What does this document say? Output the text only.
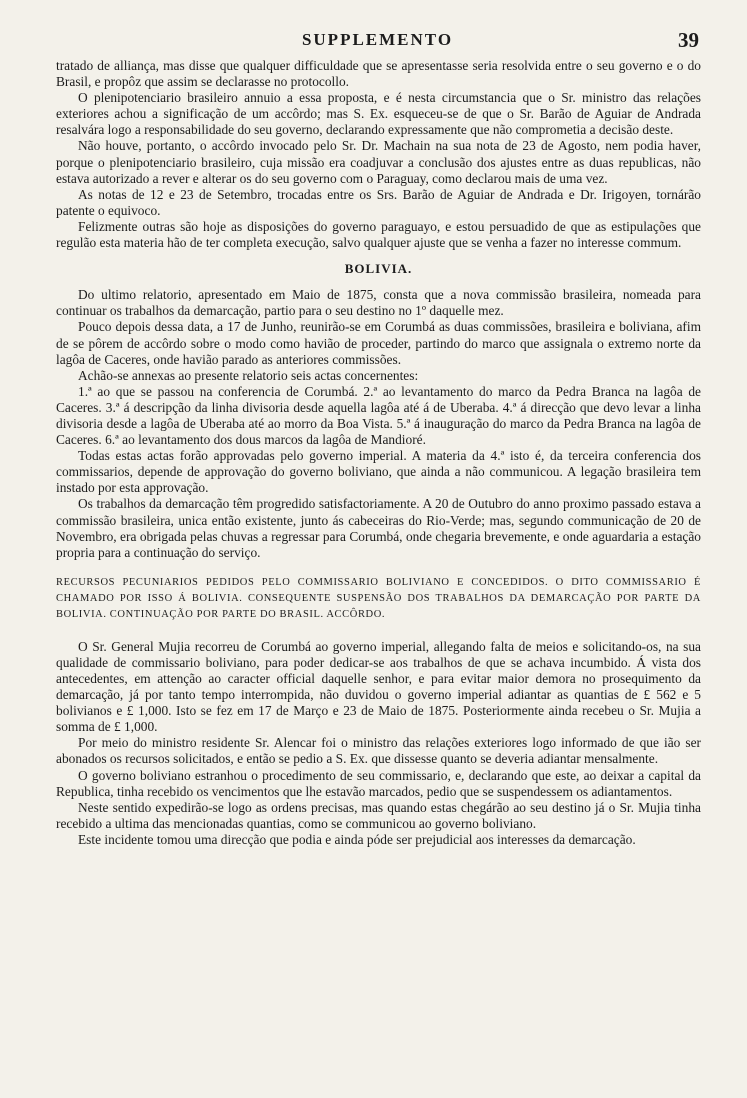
SUPPLEMENTO	39

tratado de alliança, mas disse que qualquer difficuldade que se apresentasse seria resolvida entre o seu governo e o do Brasil, e propôz que assim se declarasse no protocollo.

O plenipotenciario brasileiro annuio a essa proposta, e é nesta circumstancia que o Sr. ministro das relações exteriores achou a significação de um accôrdo; mas S. Ex. esqueceu-se de que o Sr. Barão de Aguiar de Andrada resalvára logo a responsabilidade do seu governo, declarando expressamente que não comprometia a decisão deste.

Não houve, portanto, o accôrdo invocado pelo Sr. Dr. Machain na sua nota de 23 de Agosto, nem podia haver, porque o plenipotenciario brasileiro, cuja missão era coadjuvar a conclusão dos ajustes entre as duas republicas, não estava autorizado a rever e alterar os do seu governo com o Paraguay, como declarou mais de uma vez.

As notas de 12 e 23 de Setembro, trocadas entre os Srs. Barão de Aguiar de Andrada e Dr. Irigoyen, tornárão patente o equivoco.

Felizmente outras são hoje as disposições do governo paraguayo, e estou persuadido de que as estipulações que regulão esta materia hão de ter completa execução, salvo qualquer ajuste que se venha a fazer no interesse commum.

BOLIVIA.

Do ultimo relatorio, apresentado em Maio de 1875, consta que a nova commissão brasileira, nomeada para continuar os trabalhos da demarcação, partio para o seu destino no 1º daquelle mez.

Pouco depois dessa data, a 17 de Junho, reunirão-se em Corumbá as duas commissões, brasileira e boliviana, afim de se pôrem de accôrdo sobre o modo como havião de proceder, partindo do marco que assignala o extremo norte da lagôa de Caceres, onde havião parado as anteriores commissões.

Achão-se annexas ao presente relatorio seis actas concernentes:

1.ª ao que se passou na conferencia de Corumbá. 2.ª ao levantamento do marco da Pedra Branca na lagôa de Caceres. 3.ª á descripção da linha divisoria desde aquella lagôa até á de Uberaba. 4.ª á direcção que devo levar a linha divisoria desde a lagôa de Uberaba até ao morro da Boa Vista. 5.ª á inauguração do marco da Pedra Branca na lagôa de Caceres. 6.ª ao levantamento dos dous marcos da lagôa de Mandioré.

Todas estas actas forão approvadas pelo governo imperial. A materia da 4.ª isto é, da terceira conferencia dos commissarios, depende de approvação do governo boliviano, que ainda a não communicou. A legação brasileira tem instado por esta approvação.

Os trabalhos da demarcação têm progredido satisfactoriamente. A 20 de Outubro do anno proximo passado estava a commissão brasileira, unica então existente, junto ás cabeceiras do Rio-Verde; mas, segundo communicação de 20 de Novembro, era obrigada pelas chuvas a regressar para Corumbá, onde chegaria brevemente, e onde aguardaria a estação propria para a continuação do serviço.

RECURSOS PECUNIARIOS PEDIDOS PELO COMMISSARIO BOLIVIANO E CONCEDIDOS. O DITO COMMISSARIO É CHAMADO POR ISSO Á BOLIVIA. CONSEQUENTE SUSPENSÃO DOS TRABALHOS DA DEMARCAÇÃO POR PARTE DA BOLIVIA. CONTINUAÇÃO POR PARTE DO BRASIL. ACCÔRDO.

O Sr. General Mujia recorreu de Corumbá ao governo imperial, allegando falta de meios e solicitando-os, na sua qualidade de commissario boliviano, para poder dedicar-se aos trabalhos de que se achava incumbido. Á vista dos antecedentes, em attenção ao caracter official daquelle senhor, e para evitar maior demora no prosequimento da demarcação, já por tanto tempo interrompida, não duvidou o governo imperial adiantar as quantias de £ 562 e 5 bolivianos e £ 1,000. Isto se fez em 17 de Março e 23 de Maio de 1875. Posteriormente ainda recebeu o Sr. Mujia a somma de £ 1,000.

Por meio do ministro residente Sr. Alencar foi o ministro das relações exteriores logo informado de que ião ser abonados os recursos solicitados, e então se pedio a S. Ex. que dissesse quanto se deveria adiantar mensalmente.

O governo boliviano estranhou o procedimento de seu commissario, e, declarando que este, ao deixar a capital da Republica, tinha recebido os vencimentos que lhe estavão marcados, pedio que se suspendessem os adiantamentos.

Neste sentido expedirão-se logo as ordens precisas, mas quando estas chegárão ao seu destino já o Sr. Mujia tinha recebido a ultima das mencionadas quantias, como se communicou ao governo boliviano.

Este incidente tomou uma direcção que podia e ainda póde ser prejudicial aos interesses da demarcação.
